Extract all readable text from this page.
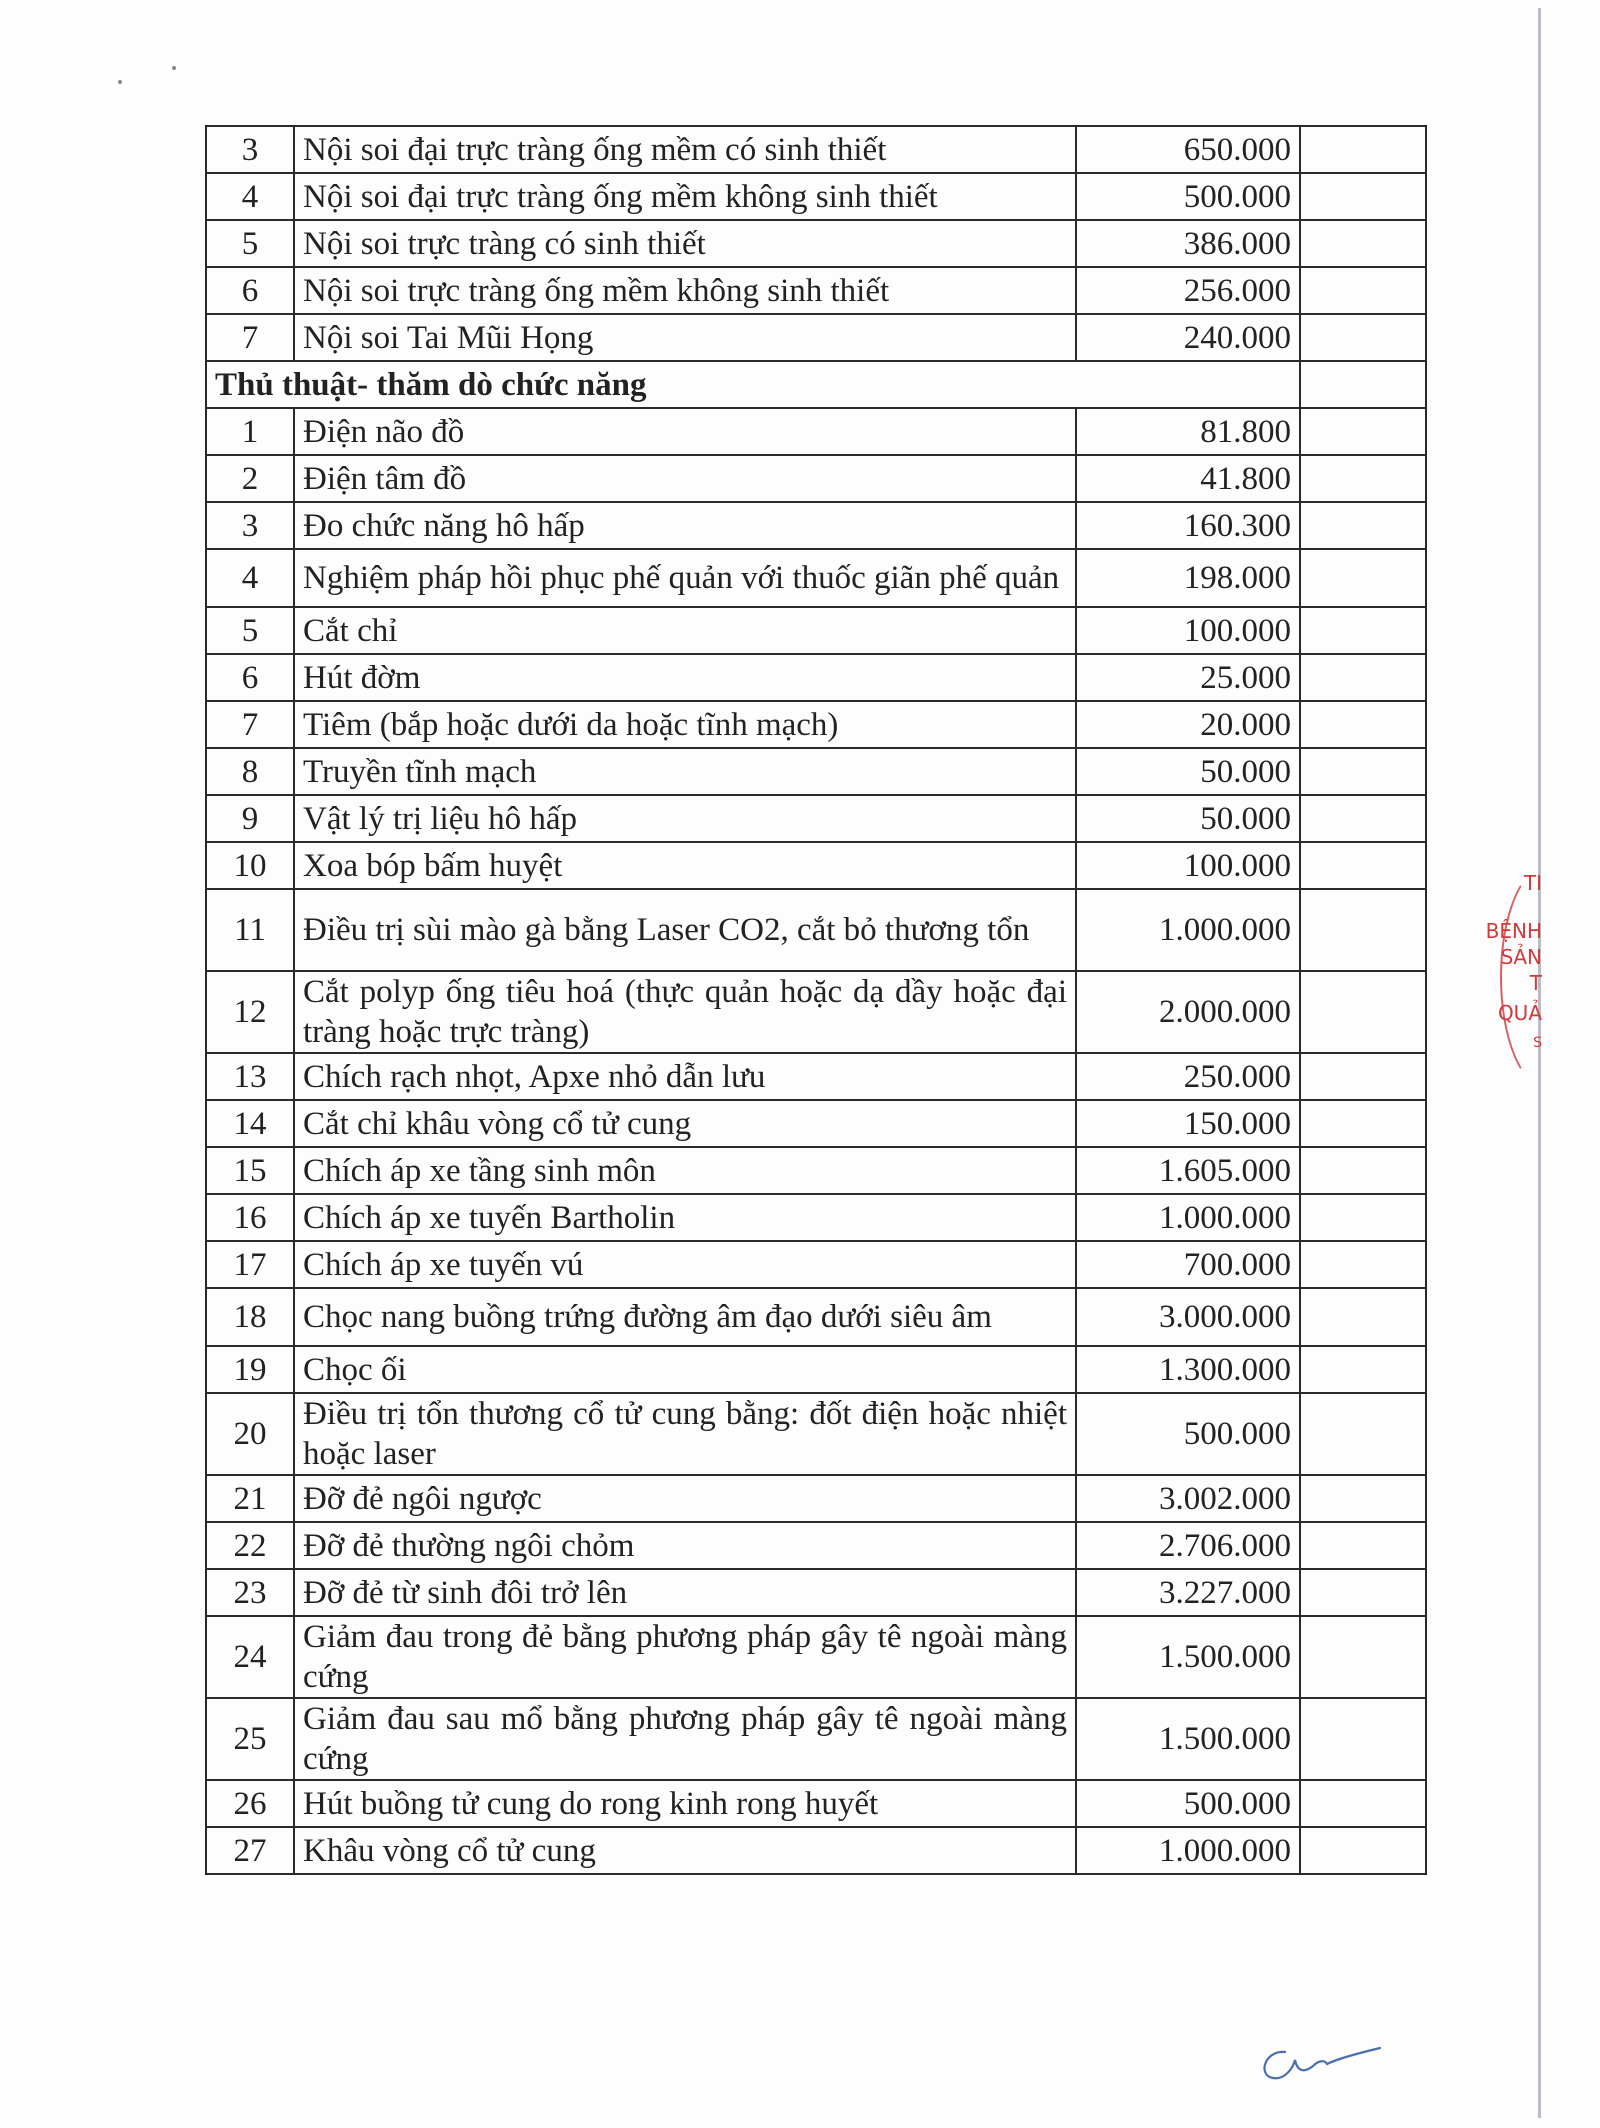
3	Nội soi đại trực tràng ống mềm có sinh thiết	650.000	
4	Nội soi đại trực tràng ống mềm không sinh thiết	500.000	
5	Nội soi trực tràng có sinh thiết	386.000	
6	Nội soi trực tràng ống mềm không sinh thiết	256.000	
7	Nội soi Tai Mũi Họng	240.000	
Thủ thuật- thăm dò chức năng			
1	Điện não đồ	81.800	
2	Điện tâm đồ	41.800	
3	Đo chức năng hô hấp	160.300	
4	Nghiệm pháp hồi phục phế quản với thuốc giãn phế quản	198.000	
5	Cắt chỉ	100.000	
6	Hút đờm	25.000	
7	Tiêm (bắp hoặc dưới da hoặc tĩnh mạch)	20.000	
8	Truyền tĩnh mạch	50.000	
9	Vật lý trị liệu hô hấp	50.000	
10	Xoa bóp bấm huyệt	100.000	
11	Điều trị sùi mào gà bằng Laser CO2, cắt bỏ thương tổn	1.000.000	
12	Cắt polyp ống tiêu hoá (thực quản hoặc dạ dầy hoặc đại tràng hoặc trực tràng)	2.000.000	
13	Chích rạch nhọt, Apxe nhỏ dẫn lưu	250.000	
14	Cắt chỉ khâu vòng cổ tử cung	150.000	
15	Chích áp xe tầng sinh môn	1.605.000	
16	Chích áp xe tuyến Bartholin	1.000.000	
17	Chích áp xe tuyến vú	700.000	
18	Chọc nang buồng trứng đường âm đạo dưới siêu âm	3.000.000	
19	Chọc ối	1.300.000	
20	Điều trị tổn thương cổ tử cung bằng: đốt điện hoặc nhiệt hoặc laser	500.000	
21	Đỡ đẻ ngôi ngược	3.002.000	
22	Đỡ đẻ thường ngôi chỏm	2.706.000	
23	Đỡ đẻ từ sinh đôi trở lên	3.227.000	
24	Giảm đau trong đẻ bằng phương pháp gây tê ngoài màng cứng	1.500.000	
25	Giảm đau sau mổ bằng phương pháp gây tê ngoài màng cứng	1.500.000	
26	Hút buồng tử cung do rong kinh rong huyết	500.000	
27	Khâu vòng cổ tử cung	1.000.000	
TI
BỆNH
SẢN
T
QUẢ
S
